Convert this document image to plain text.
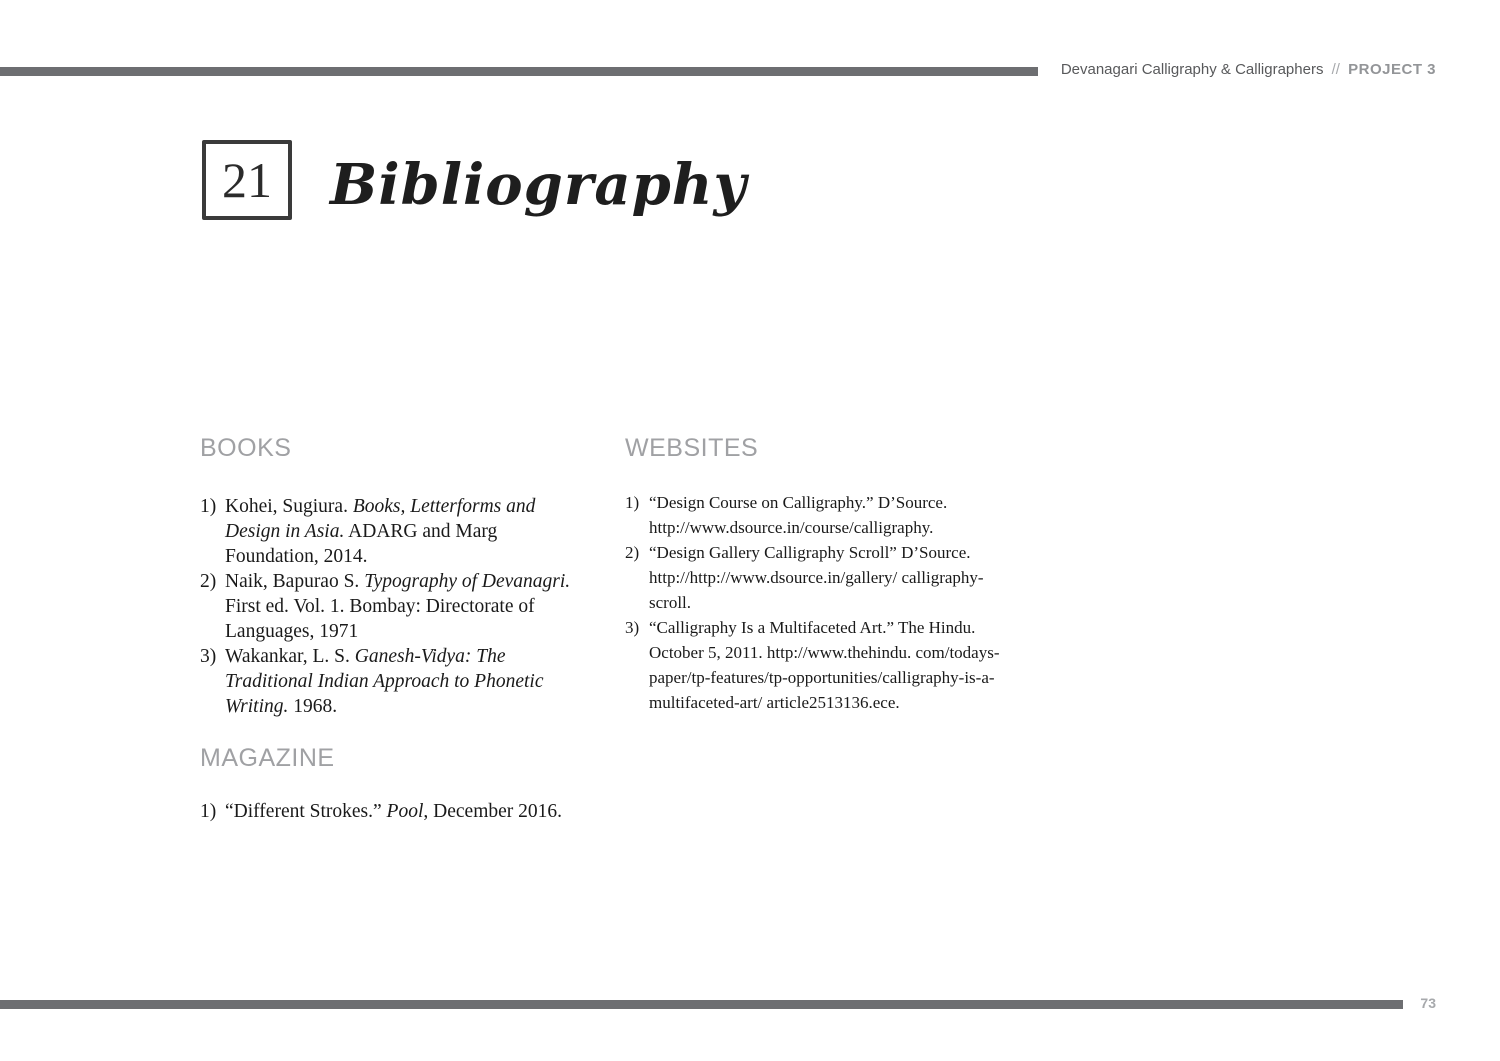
Devanagari Calligraphy & Calligraphers // PROJECT 3
21 Bibliography
BOOKS
1) Kohei, Sugiura. Books, Letterforms and Design in Asia. ADARG and Marg Foundation, 2014.
2) Naik, Bapurao S. Typography of Devanagri. First ed. Vol. 1. Bombay: Directorate of Languages, 1971
3) Wakankar, L. S. Ganesh-Vidya: The Traditional Indian Approach to Phonetic Writing. 1968.
MAGAZINE
1) “Different Strokes.” Pool, December 2016.
WEBSITES
1) “Design Course on Calligraphy.” D’Source. http://www.dsource.in/course/calligraphy.
2) “Design Gallery Calligraphy Scroll” D’Source. http://http://www.dsource.in/gallery/ calligraphy-scroll.
3) “Calligraphy Is a Multifaceted Art.” The Hindu. October 5, 2011. http://www.thehindu. com/todays-paper/tp-features/tp-opportunities/calligraphy-is-a-multifaceted-art/ article2513136.ece.
73
